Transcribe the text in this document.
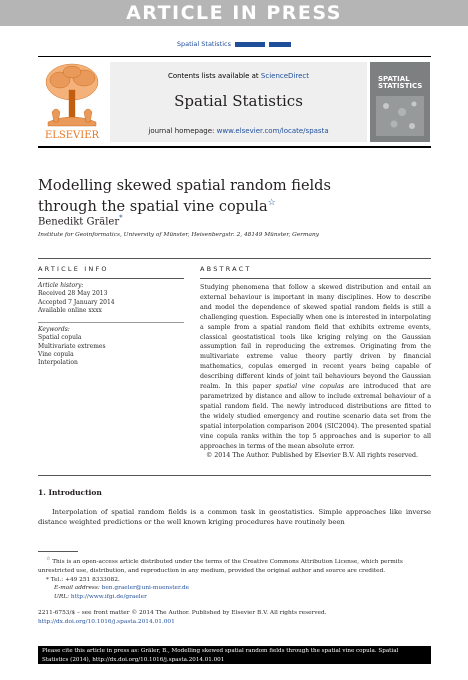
ARTICLE IN PRESS
Spatial Statistics
ELSEVIER
Contents lists available at ScienceDirect
Spatial Statistics
journal homepage: www.elsevier.com/locate/spasta
SPATIAL
STATISTICS
Modelling skewed spatial random fields
through the spatial vine copula☆
Benedikt Gräler*
Institute for Geoinformatics, University of Münster, Heisenbergstr. 2, 48149 Münster, Germany
ARTICLE INFO
Article history:
Received 28 May 2013
Accepted 7 January 2014
Available online xxxx
Keywords:
Spatial copula
Multivariate extremes
Vine copula
Interpolation
ABSTRACT
Studying phenomena that follow a skewed distribution and entail an external behaviour is important in many disciplines. How to describe and model the dependence of skewed spatial random fields is still a challenging question. Especially when one is interested in interpolating a sample from a spatial random field that exhibits extreme events, classical geostatistical tools like kriging relying on the Gaussian assumption fail in reproducing the extremes. Originating from the multivariate extreme value theory partly driven by financial mathematics, copulas emerged in recent years being capable of describing different kinds of joint tail behaviours beyond the Gaussian realm. In this paper spatial vine copulas are introduced that are parametrized by distance and allow to include extremal behaviour of a spatial random field. The newly introduced distributions are fitted to the widely studied emergency and routine scenario data set from the spatial interpolation comparison 2004 (SIC2004). The presented spatial vine copula ranks within the top 5 approaches and is superior to all approaches in terms of the mean absolute error.
© 2014 The Author. Published by Elsevier B.V. All rights reserved.
1. Introduction
Interpolation of spatial random fields is a common task in geostatistics. Simple approaches like inverse distance weighted predictions or the well known kriging procedures have routinely been
☆ This is an open-access article distributed under the terms of the Creative Commons Attribution License, which permits unrestricted use, distribution, and reproduction in any medium, provided the original author and source are credited.
* Tel.: +49 251 8333082.
E-mail address: ben.graeler@uni-muenster.de
URL: http://www.ifgi.de/graeler
2211-6753/$ – see front matter © 2014 The Author. Published by Elsevier B.V. All rights reserved.
http://dx.doi.org/10.1016/j.spasta.2014.01.001
Please cite this article in press as: Gräler, B., Modelling skewed spatial random fields through the spatial vine copula. Spatial
Statistics (2014), http://dx.doi.org/10.1016/j.spasta.2014.01.001
